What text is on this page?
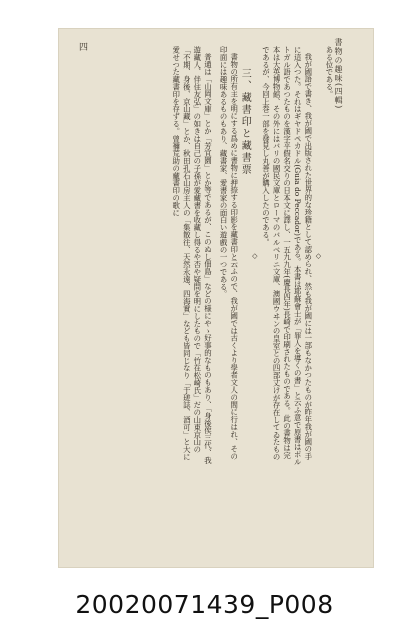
書物の趣味(四輯)
四	ある位である。

◇

我が國語で書き、我が國で出版された世界的な珍籍として認められ、然も我が國には一部もなかつたものが昨年我が國の手に這入つた。それはギヤドペカドル(Guia do Peccador)である。本書は耶蘇會士が「罪人を導くの書」と云ふ意で原書はポルトガル語であつたものを漢字平假名交りの日本文に譯し、一五九九年(慶長四年)長崎で印刷されたものである。此の書物は完本は大英博物館、その外にはバリの國民文庫とローマのバルベリニ文庫、澳國ウヰンの皇室との四部丈けが存在してゐたものであるが、今回上巻一部を發見し丸善が購入したのである。

◇

三、藏書印と藏書票

書物の所有主を明にする爲めに書物に押捺する印影を藏書印と云ふので、我が國では古くより學者文人の間に行はれ、その印面には趣味あるものもあり、藏書家、愛書家の面白い遊戲の一つである。

普通は「山岡文庫」とか「芳宜園」とか等であるが、このぬし佃島」などの様にやゝ好事的なものもあり、「身後俟三代、我遊藏人、伴住友弘」の如きは自己の子孫が愛藏書を收藏し得るや否や疑問を明にしたもので「竹在松崎氏」だの山東京山の「不期、身後、京山藏」とか、秋田孔石山房主人の「集散往、天然永遠、四海實」なども皆同じなり「于瑳誌、酒可」と大に愛せつた藏書印を存ずる。曾禰荒助の藏書印の歌に

20020071439_P008
